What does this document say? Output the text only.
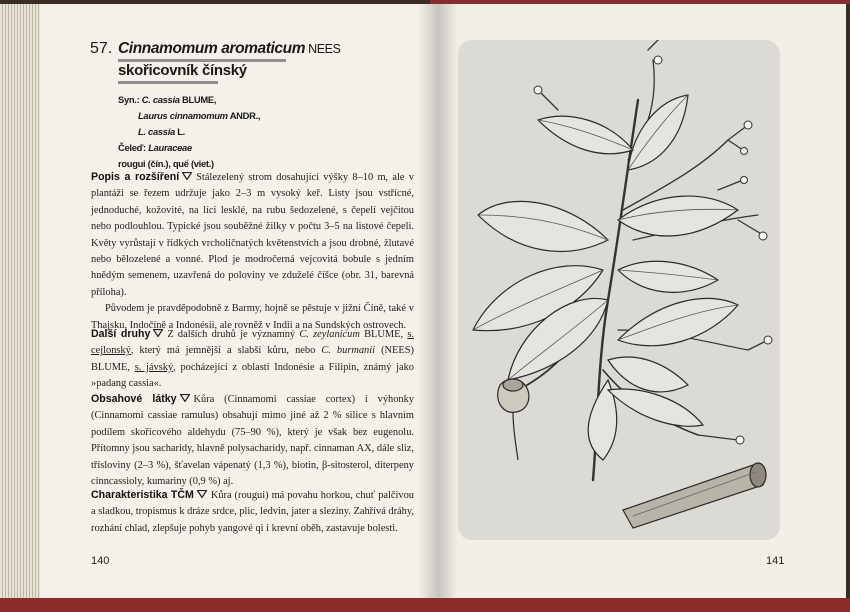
57. Cinnamomum aromaticum NEES
skořicovník čínský
Syn.: C. cassia BLUME,
Laurus cinnamomum ANDR.,
L. cassia L.
Čeleď: Lauraceae
rougui (čín.), quế (viet.)

Popis a rozšíření Stálezelený strom dosahující výšky 8–10 m, ale v plantáži se řezem udržuje jako 2–3 m vysoký keř. Listy jsou vstřícné, jednoduché, kožovité, na líci lesklé, na rubu šedozelené, s čepelí vejčitou nebo podlouhlou. Typické jsou souběžné žilky v počtu 3–5 na listové čepeli. Květy vyrůstají v řídkých vrcholičnatých květenstvích a jsou drobné, žlutavé nebo bělozelené a vonné. Plod je modročerná vejcovitá bobule s jedním hnědým semenem, uzavřená do poloviny ve zduželé číšce (obr. 31, barevná příloha).

Původem je pravděpodobně z Barmy, hojně se pěstuje v jižní Číně, také v Thajsku, Indočíně a Indonésii, ale rovněž v Indii a na Sundských ostrovech.

Další druhy Z dalších druhů je významný C. zeylanicum BLUME, s. cejlonský, který má jemnější a slabší kůru, nebo C. burmanii (NEES) BLUME, s. jávský, pocházející z oblasti Indonésie a Filipín, známý jako »padang cassia«.

Obsahové látky Kůra (Cinnamomi cassiae cortex) i výhonky (Cinnamomi cassiae ramulus) obsahují mimo jiné až 2 % silice s hlavním podílem skořicového aldehydu (75–90 %), který je však bez eugenolu. Přítomny jsou sacharidy, hlavně polysacharidy, např. cinnaman AX, dále sliz, třísloviny (2–3 %), šťavelan vápenatý (1,3 %), biotin, β-sitosterol, diterpeny cinncassioly, kumariny (0,9 %) aj.

Charakteristika TČM Kůra (rougui) má povahu horkou, chuť palčivou a sladkou, tropismus k dráze srdce, plic, ledvin, jater a sleziny. Zahřívá dráhy, rozhání chlad, zlepšuje pohyb yangové qi i krevní oběh, zastavuje bolesti.

140	141
